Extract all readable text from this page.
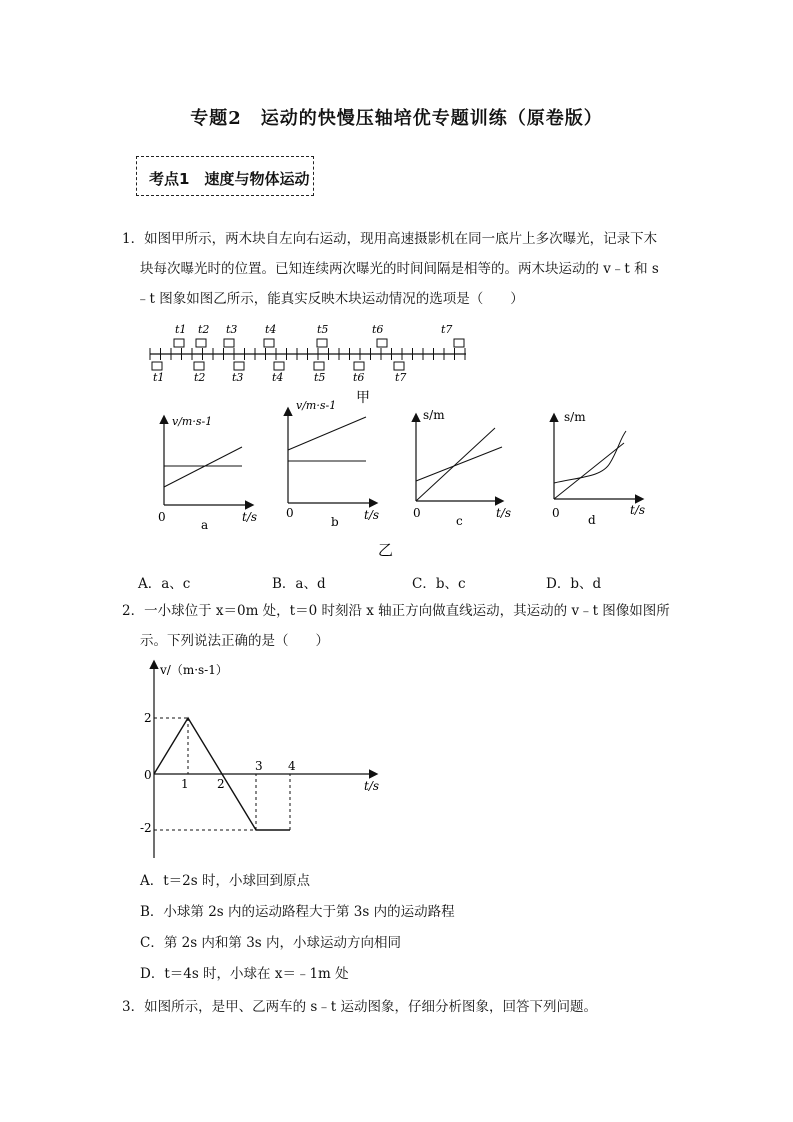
专题2　运动的快慢压轴培优专题训练（原卷版）
考点1　速度与物体运动
1．如图甲所示，两木块自左向右运动，现用高速摄影机在同一底片上多次曝光，记录下木
块每次曝光时的位置。已知连续两次曝光的时间间隔是相等的。两木块运动的 v﹣t 和 s
﹣t 图象如图乙所示，能真实反映木块运动情况的选项是（　　）
t1 t2 t3	t4	t5	t6	t7
t1	t2 t3	t4	t5	t6	t7
甲
v/m·s-1
0	t/s
a
v/m·s-1
0	t/s
b
s/m
0	t/s
c
s/m
0	t/s
d
乙
A．a、c	B．a、d	C．b、c	D．b、d
2．一小球位于 x＝0m 处，t＝0 时刻沿 x 轴正方向做直线运动，其运动的 v﹣t 图像如图所
示。下列说法正确的是（　　）
v/（m·s-1）
2
0
-2
1 2
3 4
t/s
A．t＝2s 时，小球回到原点
B．小球第 2s 内的运动路程大于第 3s 内的运动路程
C．第 2s 内和第 3s 内，小球运动方向相同
D．t＝4s 时，小球在 x＝﹣1m 处
3．如图所示，是甲、乙两车的 s﹣t 运动图象，仔细分析图象，回答下列问题。
